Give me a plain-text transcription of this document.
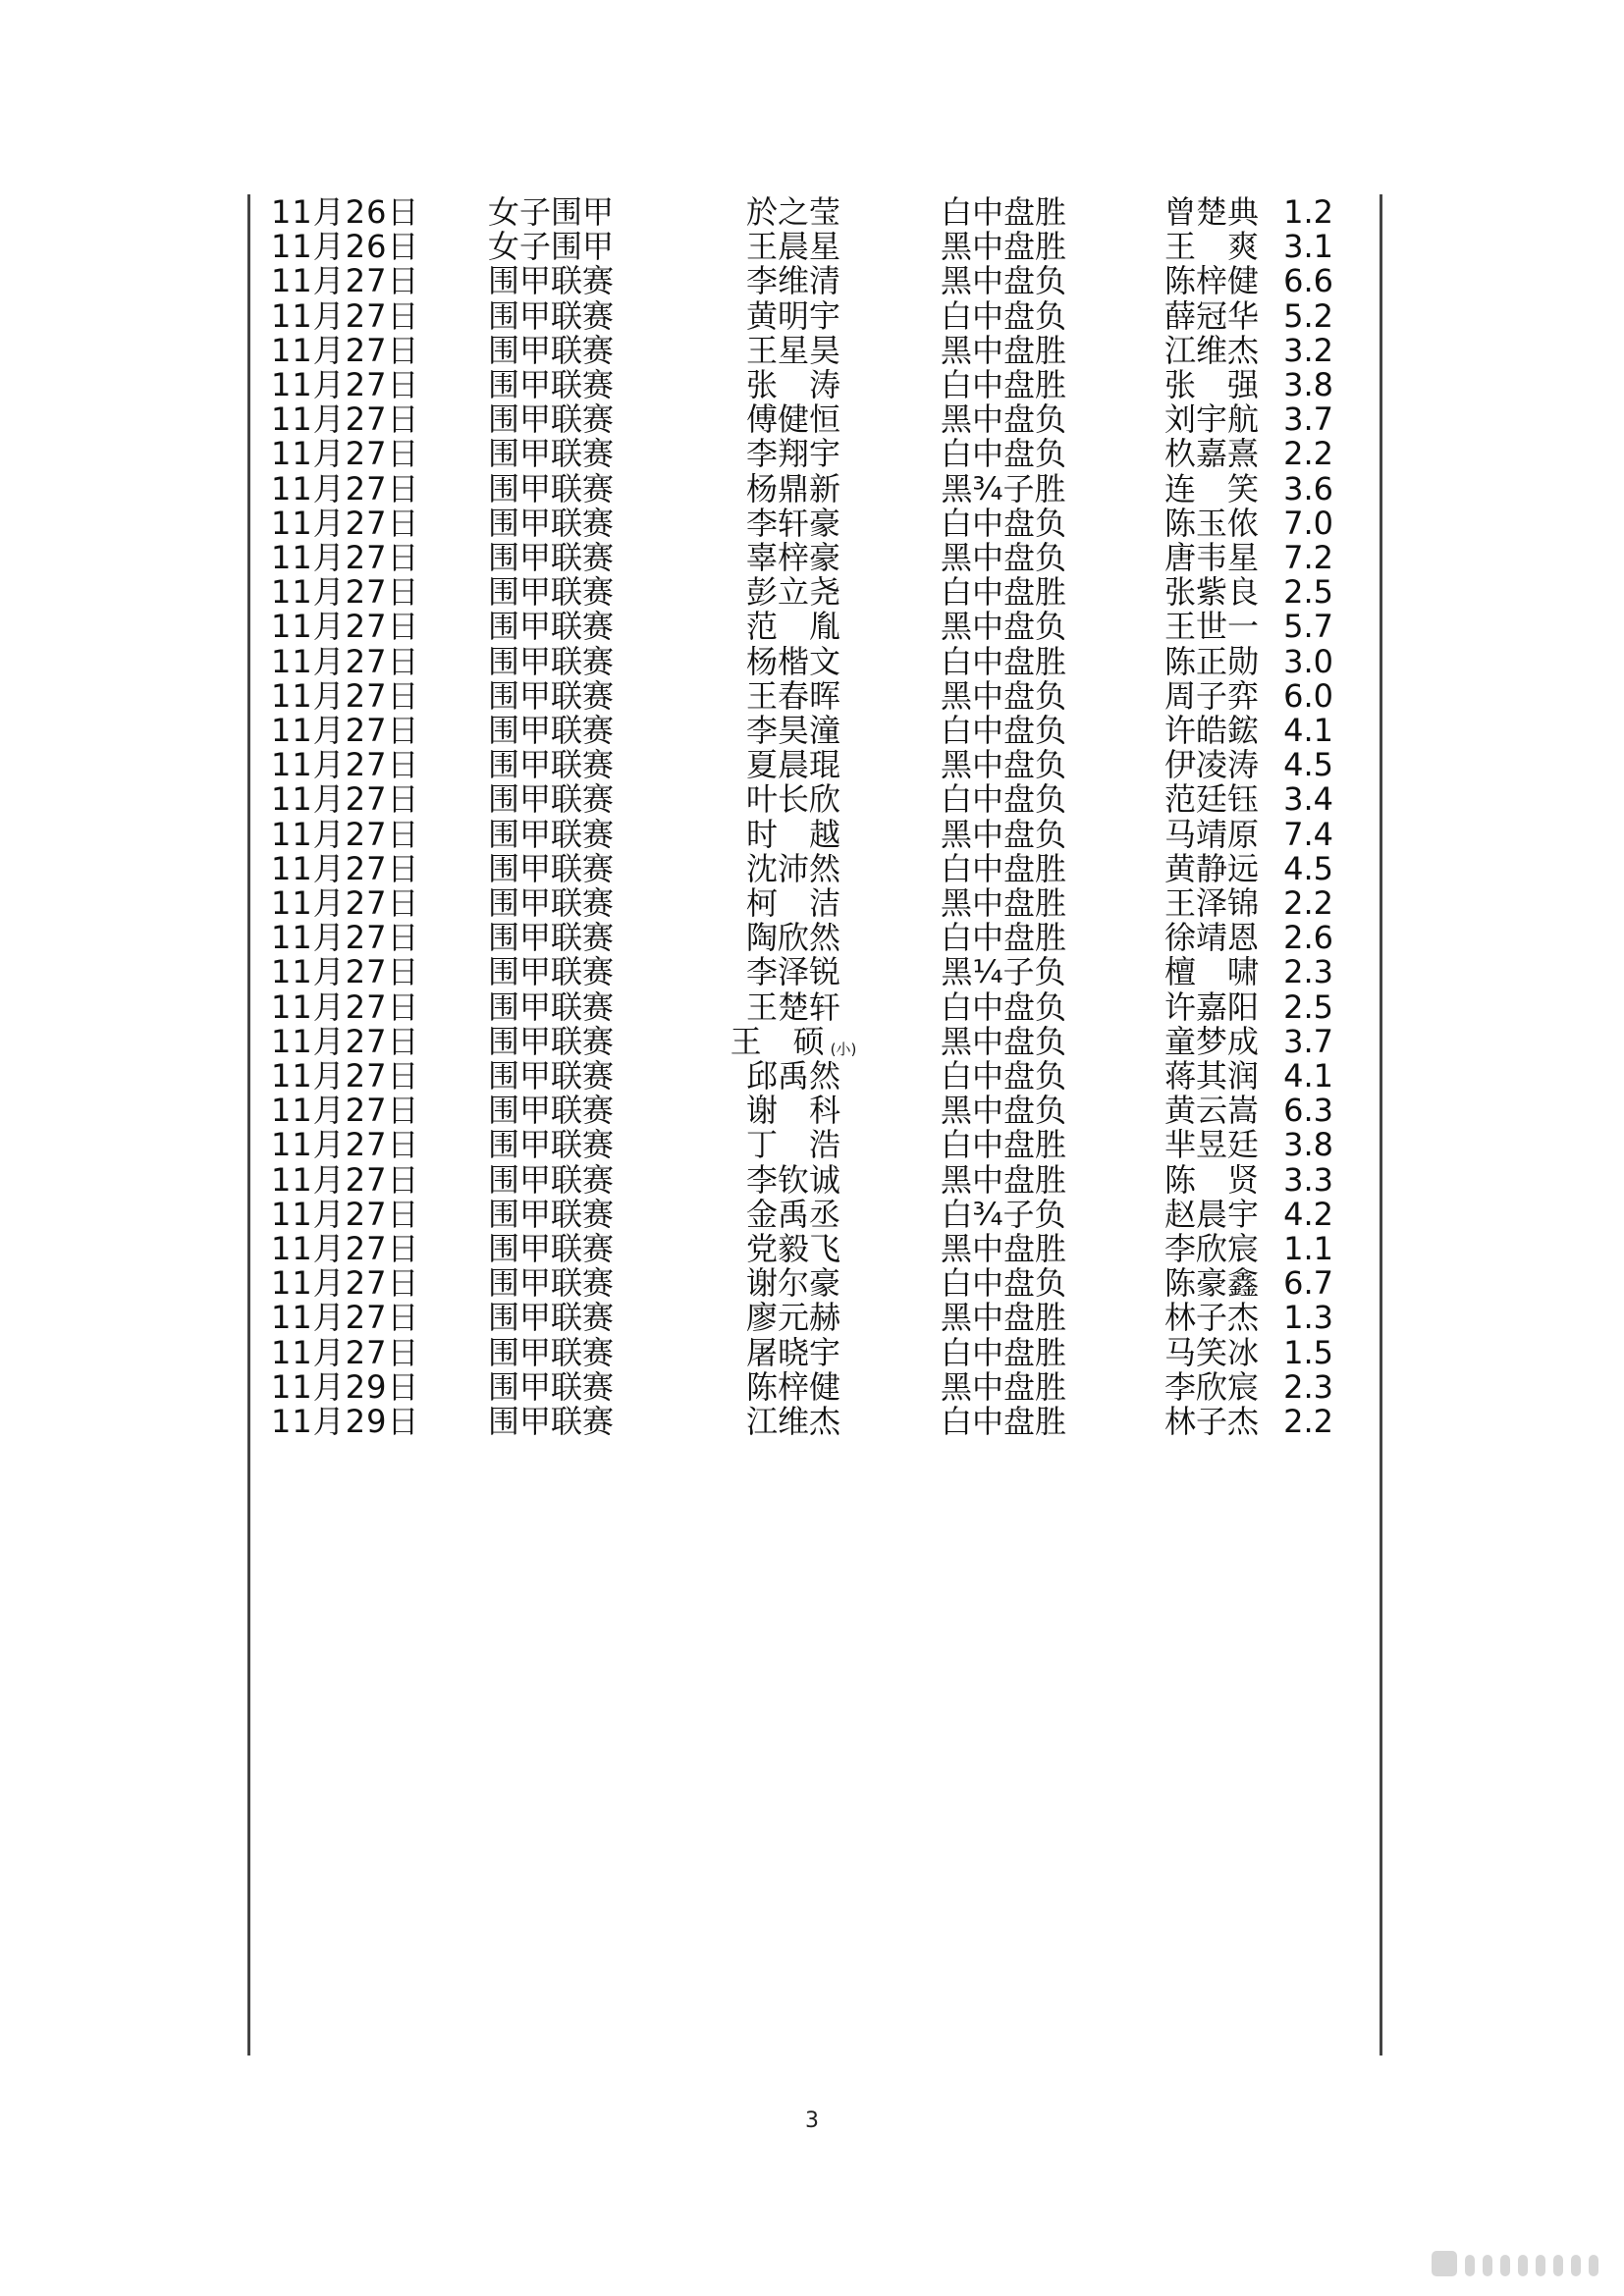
11月26日 女子围甲	於之莹	白中盘胜	曾楚典 1.2
11月26日 女子围甲	王晨星	黑中盘胜	王　爽 3.1
11月27日 围甲联赛	李维清	黑中盘负	陈梓健 6.6
11月27日 围甲联赛	黄明宇	白中盘负	薛冠华 5.2
11月27日 围甲联赛	王星昊	黑中盘胜	江维杰 3.2
11月27日 围甲联赛	张　涛	白中盘胜	张　强 3.8
11月27日 围甲联赛	傅健恒	黑中盘负	刘宇航 3.7
11月27日 围甲联赛	李翔宇	白中盘负	杦嘉熹 2.2
11月27日 围甲联赛	杨鼎新	黑¾子胜	连　笑 3.6
11月27日 围甲联赛	李轩豪	白中盘负	陈玉侬 7.0
11月27日 围甲联赛	辜梓豪	黑中盘负	唐韦星 7.2
11月27日 围甲联赛	彭立尧	白中盘胜	张紫良 2.5
11月27日 围甲联赛	范　胤	黑中盘负	王世一 5.7
11月27日 围甲联赛	杨楷文	白中盘胜	陈正勋 3.0
11月27日 围甲联赛	王春晖	黑中盘负	周子弈 6.0
11月27日 围甲联赛	李昊潼	白中盘负	许皓鋐 4.1
11月27日 围甲联赛	夏晨琨	黑中盘负	伊凌涛 4.5
11月27日 围甲联赛	叶长欣	白中盘负	范廷钰 3.4
11月27日 围甲联赛	时　越	黑中盘负	马靖原 7.4
11月27日 围甲联赛	沈沛然	白中盘胜	黄静远 4.5
11月27日 围甲联赛	柯　洁	黑中盘胜	王泽锦 2.2
11月27日 围甲联赛	陶欣然	白中盘胜	徐靖恩 2.6
11月27日 围甲联赛	李泽锐	黑¼子负	檀　啸 2.3
11月27日 围甲联赛	王楚轩	白中盘负	许嘉阳 2.5
11月27日 围甲联赛	王　硕 (小)	黑中盘负	童梦成 3.7
11月27日 围甲联赛	邱禹然	白中盘负	蒋其润 4.1
11月27日 围甲联赛	谢　科	黑中盘负	黄云嵩 6.3
11月27日 围甲联赛	丁　浩	白中盘胜	芈昱廷 3.8
11月27日 围甲联赛	李钦诚	黑中盘胜	陈　贤 3.3
11月27日 围甲联赛	金禹丞	白¾子负	赵晨宇 4.2
11月27日 围甲联赛	党毅飞	黑中盘胜	李欣宸 1.1
11月27日 围甲联赛	谢尔豪	白中盘负	陈豪鑫 6.7
11月27日 围甲联赛	廖元赫	黑中盘胜	林子杰 1.3
11月27日 围甲联赛	屠晓宇	白中盘胜	马笑冰 1.5
11月29日 围甲联赛	陈梓健	黑中盘胜	李欣宸 2.3
11月29日 围甲联赛	江维杰	白中盘胜	林子杰 2.2
3
